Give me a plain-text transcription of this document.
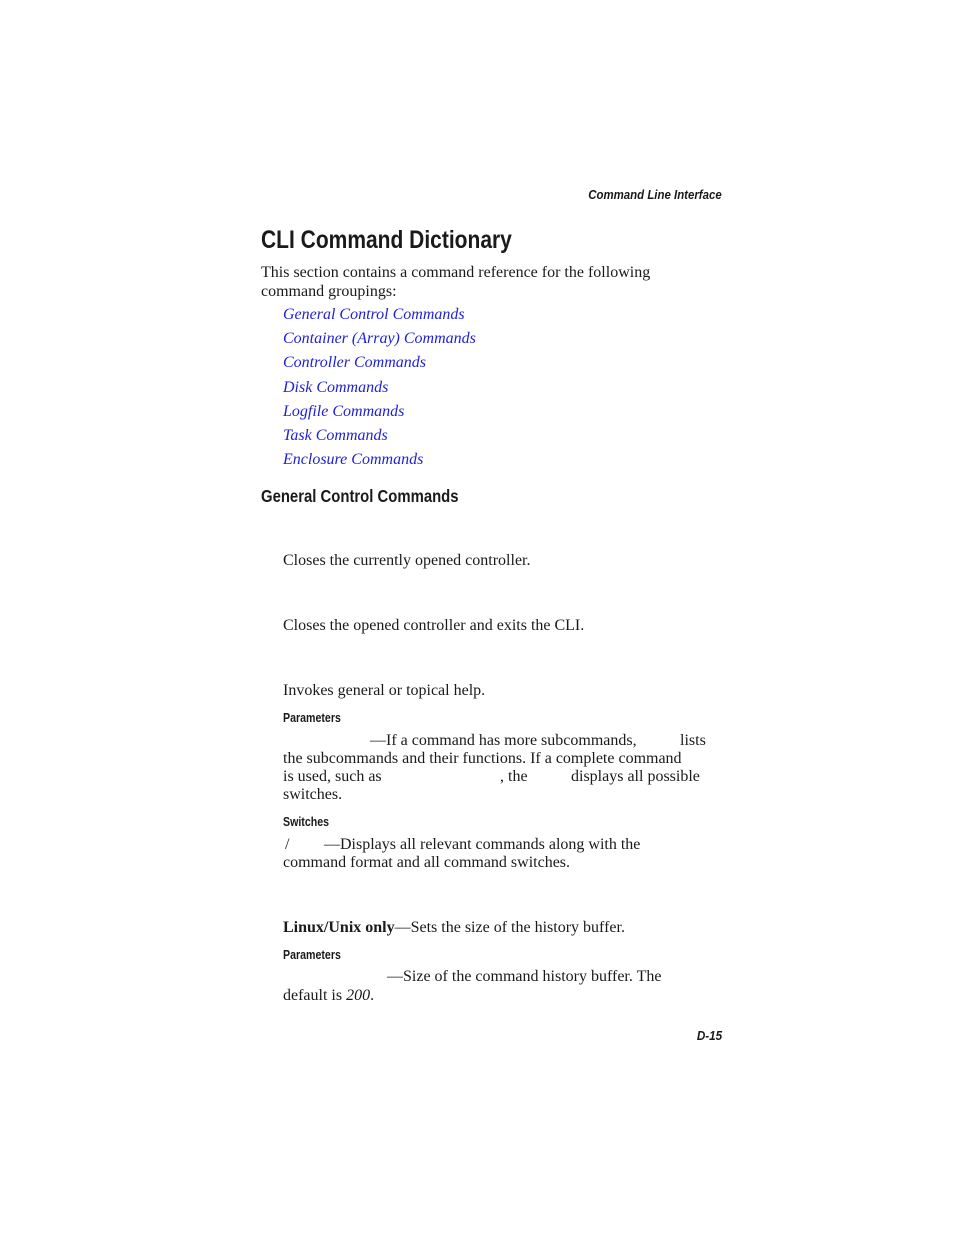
Command Line Interface
CLI Command Dictionary
This section contains a command reference for the following command groupings:
General Control Commands
Container (Array) Commands
Controller Commands
Disk Commands
Logfile Commands
Task Commands
Enclosure Commands
General Control Commands
Closes the currently opened controller.
Closes the opened controller and exits the CLI.
Invokes general or topical help.
Parameters
—If a command has more subcommands,	lists
the subcommands and their functions. If a complete command
is used, such as	, the	displays all possible
switches.
Switches
/ —Displays all relevant commands along with the
command format and all command switches.
Linux/Unix only—Sets the size of the history buffer.
Parameters
—Size of the command history buffer. The
default is 200.
D-15
